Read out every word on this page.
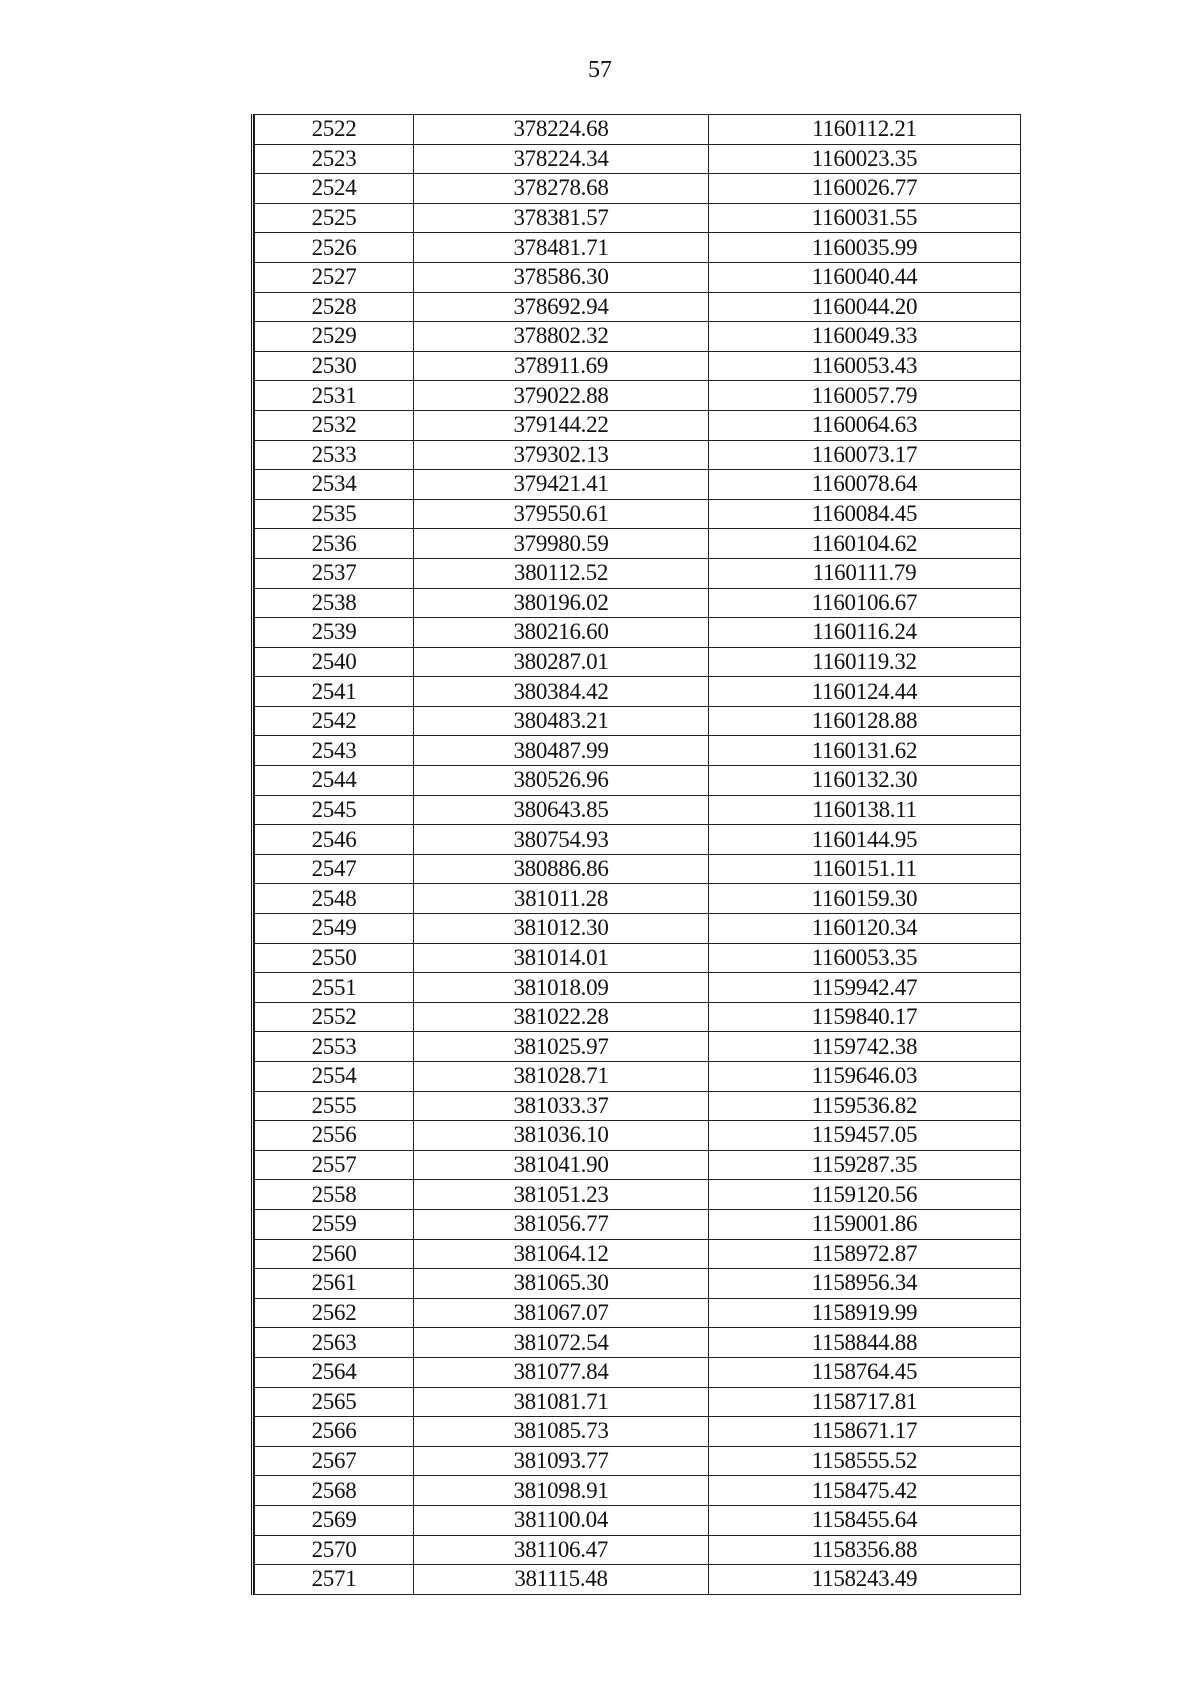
57
2522	378224.68	1160112.21
2523	378224.34	1160023.35
2524	378278.68	1160026.77
2525	378381.57	1160031.55
2526	378481.71	1160035.99
2527	378586.30	1160040.44
2528	378692.94	1160044.20
2529	378802.32	1160049.33
2530	378911.69	1160053.43
2531	379022.88	1160057.79
2532	379144.22	1160064.63
2533	379302.13	1160073.17
2534	379421.41	1160078.64
2535	379550.61	1160084.45
2536	379980.59	1160104.62
2537	380112.52	1160111.79
2538	380196.02	1160106.67
2539	380216.60	1160116.24
2540	380287.01	1160119.32
2541	380384.42	1160124.44
2542	380483.21	1160128.88
2543	380487.99	1160131.62
2544	380526.96	1160132.30
2545	380643.85	1160138.11
2546	380754.93	1160144.95
2547	380886.86	1160151.11
2548	381011.28	1160159.30
2549	381012.30	1160120.34
2550	381014.01	1160053.35
2551	381018.09	1159942.47
2552	381022.28	1159840.17
2553	381025.97	1159742.38
2554	381028.71	1159646.03
2555	381033.37	1159536.82
2556	381036.10	1159457.05
2557	381041.90	1159287.35
2558	381051.23	1159120.56
2559	381056.77	1159001.86
2560	381064.12	1158972.87
2561	381065.30	1158956.34
2562	381067.07	1158919.99
2563	381072.54	1158844.88
2564	381077.84	1158764.45
2565	381081.71	1158717.81
2566	381085.73	1158671.17
2567	381093.77	1158555.52
2568	381098.91	1158475.42
2569	381100.04	1158455.64
2570	381106.47	1158356.88
2571	381115.48	1158243.49
